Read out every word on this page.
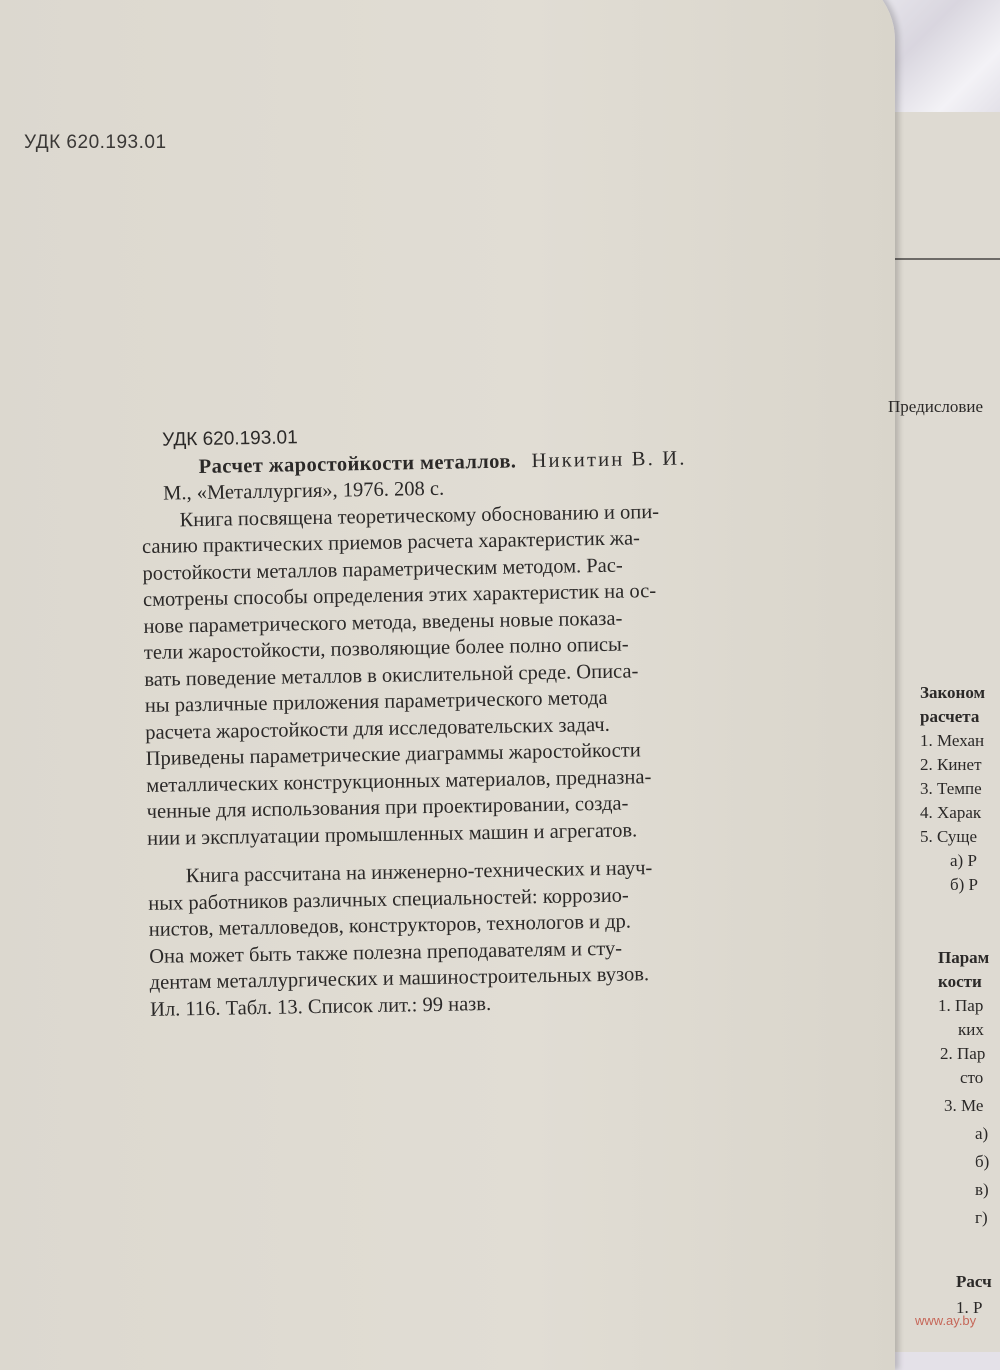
УДК 620.193.01
УДК 620.193.01
Расчет жаростойкости металлов. Никитин В. И.
М., «Металлургия», 1976. 208 с.
Книга посвящена теоретическому обоснованию и опи-
санию практических приемов расчета характеристик жа-
ростойкости металлов параметрическим методом. Рас-
смотрены способы определения этих характеристик на ос-
нове параметрического метода, введены новые показа-
тели жаростойкости, позволяющие более полно описы-
вать поведение металлов в окислительной среде. Описа-
ны различные приложения параметрического метода
расчета жаростойкости для исследовательских задач.
Приведены параметрические диаграммы жаростойкости
металлических конструкционных материалов, предназна-
ченные для использования при проектировании, созда-
нии и эксплуатации промышленных машин и агрегатов.
Книга рассчитана на инженерно-технических и науч-
ных работников различных специальностей: коррозио-
нистов, металловедов, конструкторов, технологов и др.
Она может быть также полезна преподавателям и сту-
дентам металлургических и машиностроительных вузов.
Ил. 116. Табл. 13. Список лит.: 99 назв.
Предисловие
Законом
расчета
1. Механ
2. Кинет
3. Темпе
4. Харак
5. Суще
а) Р
б) Р
Парам
кости
1. Пар
ких
2. Пар
сто
3. Ме
а)
б)
в)
г)
Расч
1. Р
www.ay.by
